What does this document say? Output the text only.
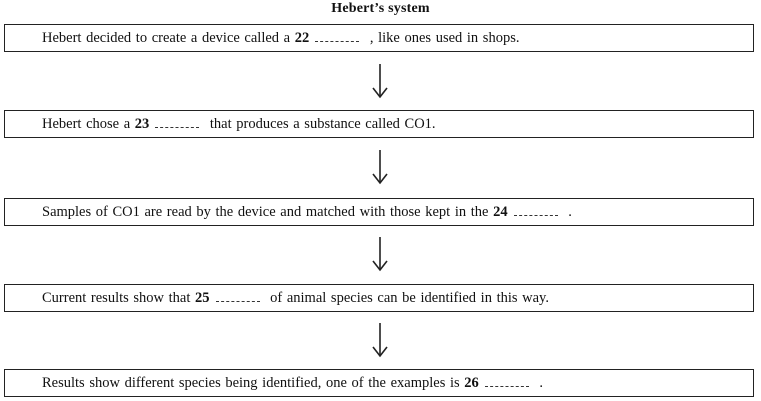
Hebert’s system
Hebert decided to create a device called a 22	, like ones used in shops.
Hebert chose a 23	that produces a substance called CO1.
Samples of CO1 are read by the device and matched with those kept in the 24	.
Current results show that 25	of animal species can be identified in this way.
Results show different species being identified, one of the examples is 26	.
